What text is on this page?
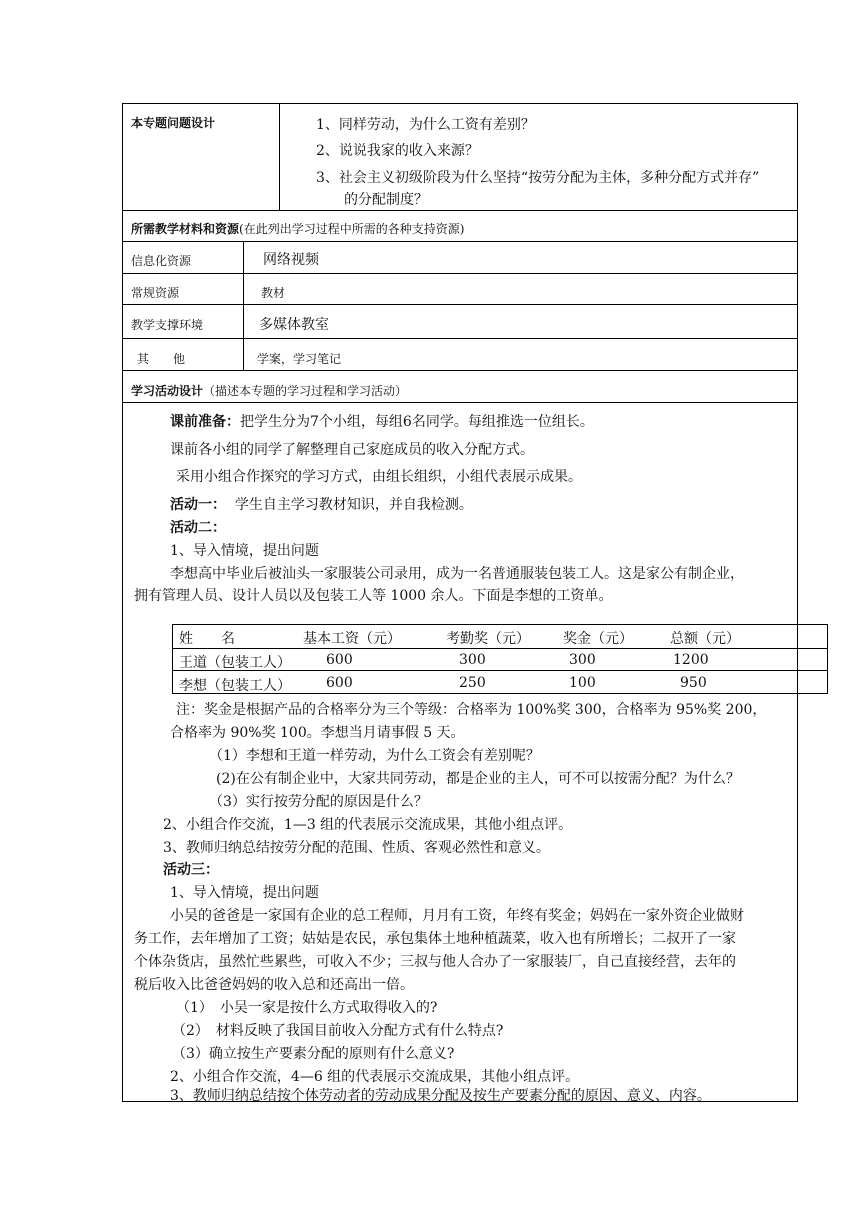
本专题问题设计	1、同样劳动，为什么工资有差别？
2、说说我家的收入来源？
3、社会主义初级阶段为什么坚持“按劳分配为主体，多种分配方式并存”
的分配制度？
所需教学材料和资源(在此列出学习过程中所需的各种支持资源)
信息化资源	网络视频
常规资源	教材
教学支撑环境	多媒体教室
其　　他	学案，学习笔记
学习活动设计（描述本专题的学习过程和学习活动）
课前准备：把学生分为7个小组，每组6名同学。每组推选一位组长。
课前各小组的同学了解整理自己家庭成员的收入分配方式。
采用小组合作探究的学习方式，由组长组织，小组代表展示成果。
活动一： 学生自主学习教材知识，并自我检测。
活动二：
1、导入情境，提出问题
李想高中毕业后被汕头一家服装公司录用，成为一名普通服装包装工人。这是家公有制企业，
拥有管理人员、设计人员以及包装工人等 1000 余人。下面是李想的工资单。
姓　　名	基本工资（元）	考勤奖（元） 奖金（元）	总额（元）
王道（包装工人）	600	300	300	1200
李想（包装工人）	600	250	100	950
注：奖金是根据产品的合格率分为三个等级：合格率为 100%奖 300，合格率为 95%奖 200，
合格率为 90%奖 100。李想当月请事假 5 天。
（1）李想和王道一样劳动，为什么工资会有差别呢？
(2)在公有制企业中，大家共同劳动，都是企业的主人，可不可以按需分配？为什么？
（3）实行按劳分配的原因是什么？
2、小组合作交流，1—3 组的代表展示交流成果，其他小组点评。
3、教师归纳总结按劳分配的范围、性质、客观必然性和意义。
活动三：
1、导入情境，提出问题
小吴的爸爸是一家国有企业的总工程师，月月有工资，年终有奖金；妈妈在一家外资企业做财
务工作，去年增加了工资；姑姑是农民，承包集体土地种植蔬菜，收入也有所增长；二叔开了一家
个体杂货店，虽然忙些累些，可收入不少；三叔与他人合办了一家服装厂，自己直接经营，去年的
税后收入比爸爸妈妈的收入总和还高出一倍。
（1）　小吴一家是按什么方式取得收入的?
（2）　材料反映了我国目前收入分配方式有什么特点?
（3）确立按生产要素分配的原则有什么意义?
2、小组合作交流，4—6 组的代表展示交流成果，其他小组点评。
3、教师归纳总结按个体劳动者的劳动成果分配及按生产要素分配的原因、意义、内容。
